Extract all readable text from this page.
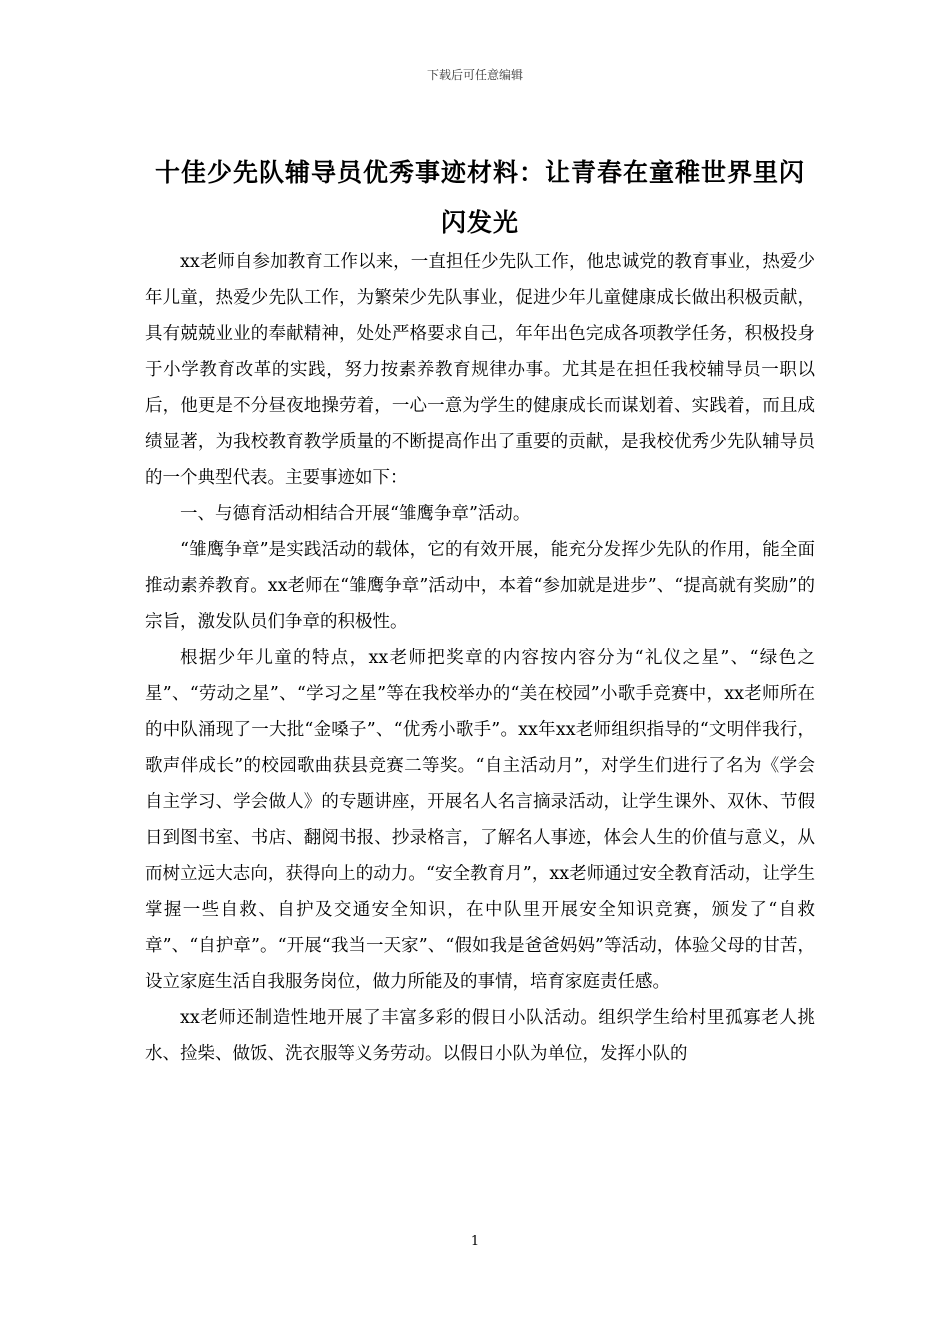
下载后可任意编辑
十佳少先队辅导员优秀事迹材料：让青春在童稚世界里闪闪发光

xx老师自参加教育工作以来，一直担任少先队工作，他忠诚党的教育事业，热爱少年儿童，热爱少先队工作，为繁荣少先队事业，促进少年儿童健康成长做出积极贡献，具有兢兢业业的奉献精神，处处严格要求自己，年年出色完成各项教学任务，积极投身于小学教育改革的实践，努力按素养教育规律办事。尤其是在担任我校辅导员一职以后，他更是不分昼夜地操劳着，一心一意为学生的健康成长而谋划着、实践着，而且成绩显著，为我校教育教学质量的不断提高作出了重要的贡献，是我校优秀少先队辅导员的一个典型代表。主要事迹如下：

一、与德育活动相结合开展“雏鹰争章”活动。

“雏鹰争章”是实践活动的载体，它的有效开展，能充分发挥少先队的作用，能全面推动素养教育。xx老师在“雏鹰争章”活动中，本着“参加就是进步”、“提高就有奖励”的宗旨，激发队员们争章的积极性。

根据少年儿童的特点，xx老师把奖章的内容按内容分为“礼仪之星”、“绿色之星”、“劳动之星”、“学习之星”等在我校举办的“美在校园”小歌手竞赛中，xx老师所在的中队涌现了一大批“金嗓子”、“优秀小歌手”。xx年xx老师组织指导的“文明伴我行，歌声伴成长”的校园歌曲获县竞赛二等奖。“自主活动月”，对学生们进行了名为《学会自主学习、学会做人》的专题讲座，开展名人名言摘录活动，让学生课外、双休、节假日到图书室、书店、翻阅书报、抄录格言，了解名人事迹，体会人生的价值与意义，从而树立远大志向，获得向上的动力。“安全教育月”，xx老师通过安全教育活动，让学生掌握一些自救、自护及交通安全知识，在中队里开展安全知识竞赛，颁发了“自救章”、“自护章”。“开展“我当一天家”、“假如我是爸爸妈妈”等活动，体验父母的甘苦，设立家庭生活自我服务岗位，做力所能及的事情，培育家庭责任感。

xx老师还制造性地开展了丰富多彩的假日小队活动。组织学生给村里孤寡老人挑水、捡柴、做饭、洗衣服等义务劳动。以假日小队为单位，发挥小队的

1
